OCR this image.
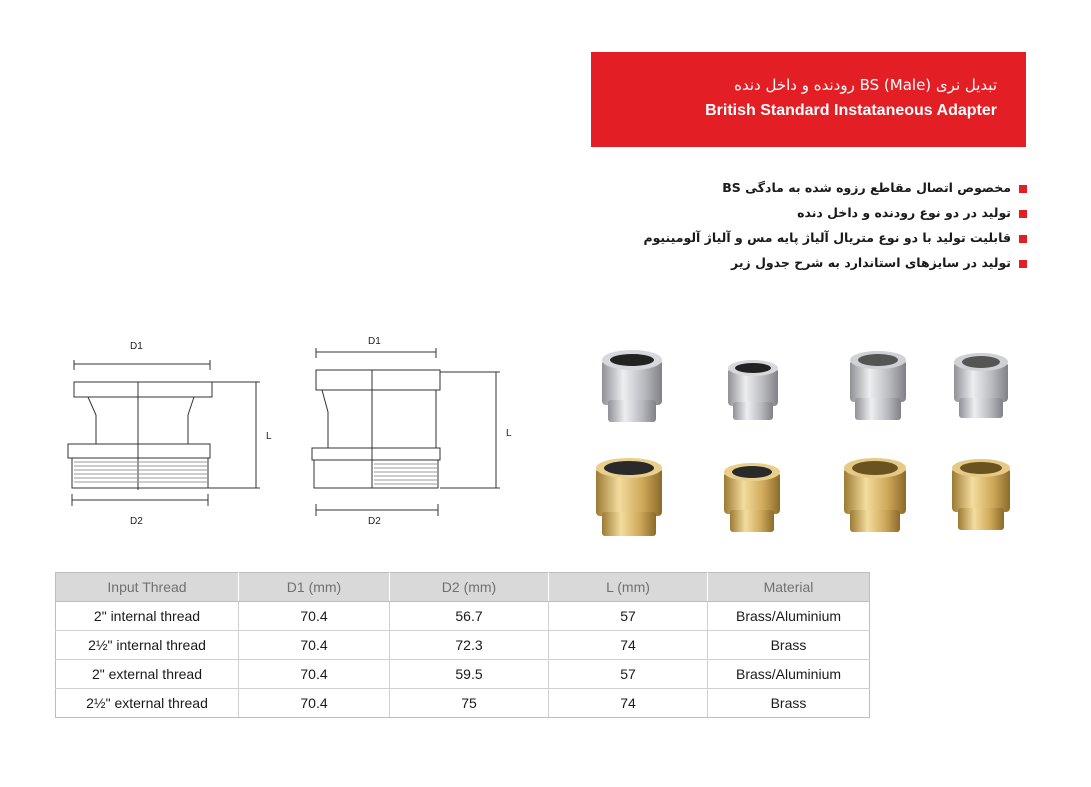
تبدیل نری BS (Male) رودنده و داخل دنده
British Standard Instataneous Adapter
مخصوص اتصال مقاطع رزوه شده به مادگی BS
تولید در دو نوع رودنده و داخل دنده
قابلیت تولید با دو نوع متریال آلیاژ پایه مس و آلیاژ آلومینیوم
تولید در سایزهای استاندارد به شرح جدول زیر
D1
D2
L
D1
D2
L
Input Thread	D1 (mm)	D2 (mm)	L (mm)	Material
2" internal thread	70.4	56.7	57	Brass/Aluminium
2½" internal thread	70.4	72.3	74	Brass
2" external thread	70.4	59.5	57	Brass/Aluminium
2½" external thread	70.4	75	74	Brass
